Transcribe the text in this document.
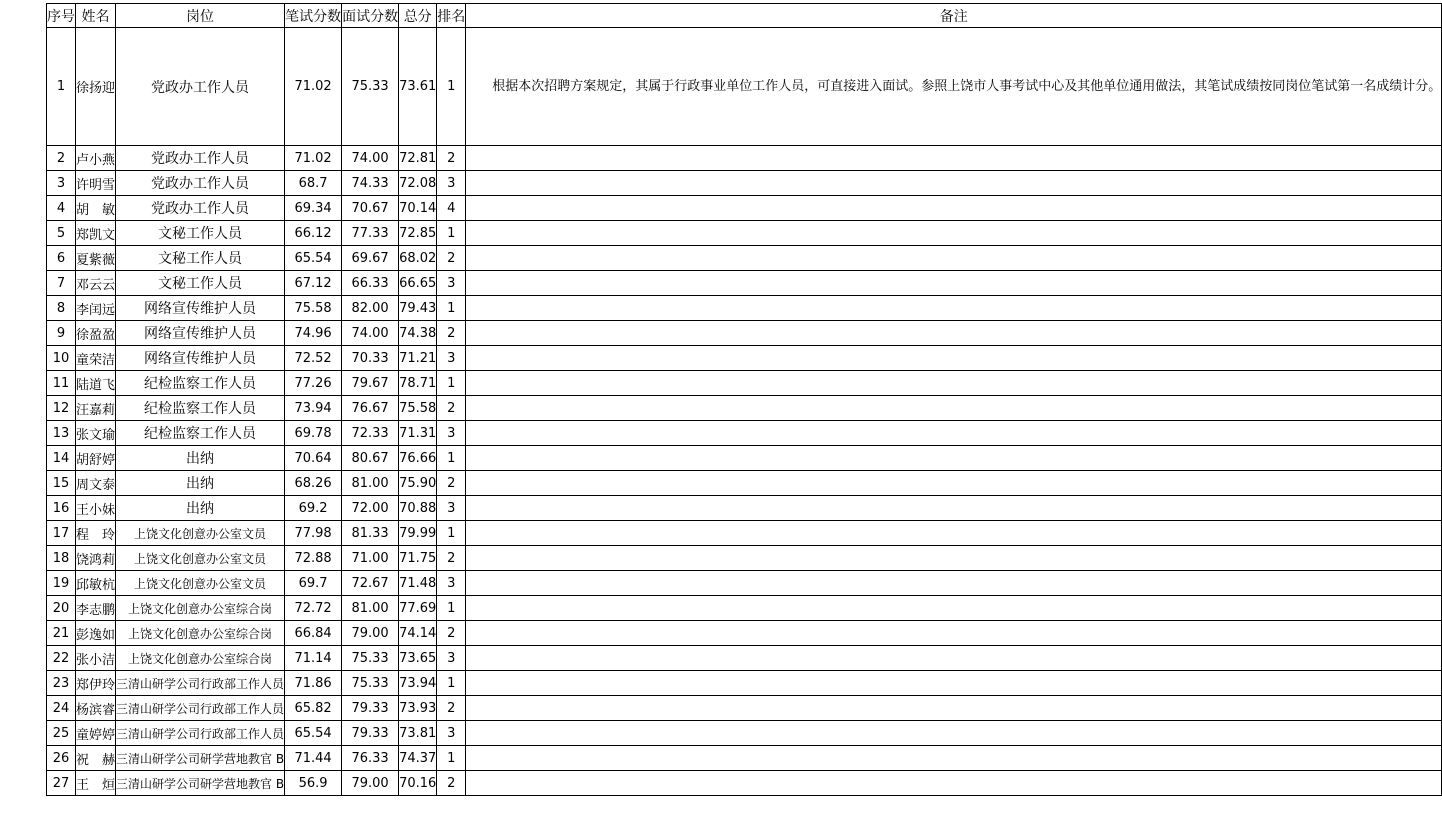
序号	姓名	岗位	笔试分数	面试分数	总分	排名	备注
1	徐扬迎	党政办工作人员	71.02	75.33	73.61	1	根据本次招聘方案规定，其属于行政事业单位工作人员，可直接进入面试。参照上饶市人事考试中心及其他单位通用做法，其笔试成绩按同岗位笔试第一名成绩计分。
2	卢小燕	党政办工作人员	71.02	74.00	72.81	2	
3	许明雪	党政办工作人员	68.7	74.33	72.08	3	
4	胡　敏	党政办工作人员	69.34	70.67	70.14	4	
5	郑凯文	文秘工作人员	66.12	77.33	72.85	1	
6	夏紫薇	文秘工作人员	65.54	69.67	68.02	2	
7	邓云云	文秘工作人员	67.12	66.33	66.65	3	
8	李闰远	网络宣传维护人员	75.58	82.00	79.43	1	
9	徐盈盈	网络宣传维护人员	74.96	74.00	74.38	2	
10	童荣洁	网络宣传维护人员	72.52	70.33	71.21	3	
11	陆道飞	纪检监察工作人员	77.26	79.67	78.71	1	
12	汪嘉莉	纪检监察工作人员	73.94	76.67	75.58	2	
13	张文瑜	纪检监察工作人员	69.78	72.33	71.31	3	
14	胡舒婷	出纳	70.64	80.67	76.66	1	
15	周文泰	出纳	68.26	81.00	75.90	2	
16	王小妹	出纳	69.2	72.00	70.88	3	
17	程　玲	上饶文化创意办公室文员	77.98	81.33	79.99	1	
18	饶鸿莉	上饶文化创意办公室文员	72.88	71.00	71.75	2	
19	邱敏杭	上饶文化创意办公室文员	69.7	72.67	71.48	3	
20	李志鹏	上饶文化创意办公室综合岗	72.72	81.00	77.69	1	
21	彭逸如	上饶文化创意办公室综合岗	66.84	79.00	74.14	2	
22	张小洁	上饶文化创意办公室综合岗	71.14	75.33	73.65	3	
23	郑伊玲	三清山研学公司行政部工作人员	71.86	75.33	73.94	1	
24	杨滨睿	三清山研学公司行政部工作人员	65.82	79.33	73.93	2	
25	童婷婷	三清山研学公司行政部工作人员	65.54	79.33	73.81	3	
26	祝　赫	三清山研学公司研学营地教官 B	71.44	76.33	74.37	1	
27	王　烜	三清山研学公司研学营地教官 B	56.9	79.00	70.16	2	
